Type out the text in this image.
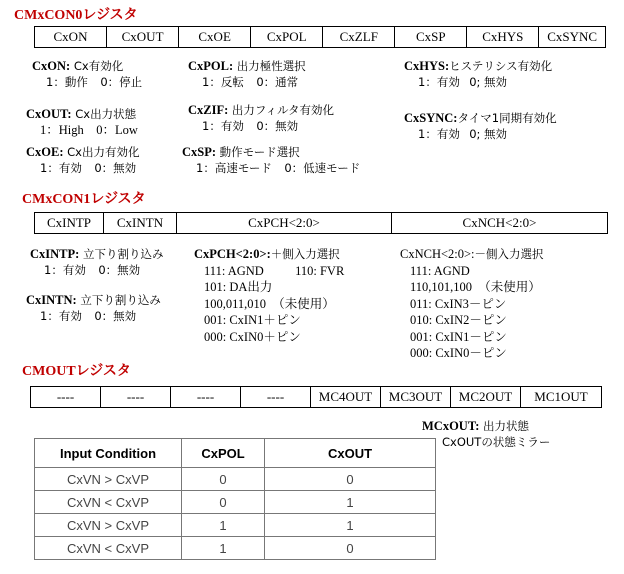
CMxCON0レジスタ
CxON	CxOUT	CxOE	CxPOL	CxZLF	CxSP	CxHYS	CxSYNC
CxON: Cx有効化
1：動作 0：停止
CxPOL: 出力極性選択
1：反転 0：通常
CxHYS:ヒステリシス有効化
1：有効 0; 無効
CxOUT: Cx出力状態
1：High 0：Low
CxZIF: 出力フィルタ有効化
1：有効 0：無効
CxSYNC:タイマ1同期有効化
1：有効 0; 無効
CxOE: Cx出力有効化
1：有効 0：無効
CxSP: 動作モード選択
1：高速モード 0：低速モード
CMxCON1レジスタ
CxINTP	CxINTN	CxPCH<2:0>	CxNCH<2:0>
CxINTP: 立下り割り込み
1：有効 0：無効
CxINTN: 立下り割り込み
1：有効 0：無効
CxPCH<2:0>:＋側入力選択
111: AGND	110: FVR
101: DA出力
100,011,010　（未使用）
001: CxIN1＋ピン
000: CxIN0＋ピン
CxNCH<2:0>:－側入力選択
111: AGND
110,101,100　（未使用）
011: CxIN3－ピン
010: CxIN2－ピン
001: CxIN1－ピン
000: CxIN0－ピン
CMOUTレジスタ
----	----	----	----	MC4OUT	MC3OUT	MC2OUT	MC1OUT
MCxOUT: 出力状態
CxOUTの状態ミラー
Input Condition	CxPOL	CxOUT
CxVN > CxVP	0	0
CxVN < CxVP	0	1
CxVN > CxVP	1	1
CxVN < CxVP	1	0
